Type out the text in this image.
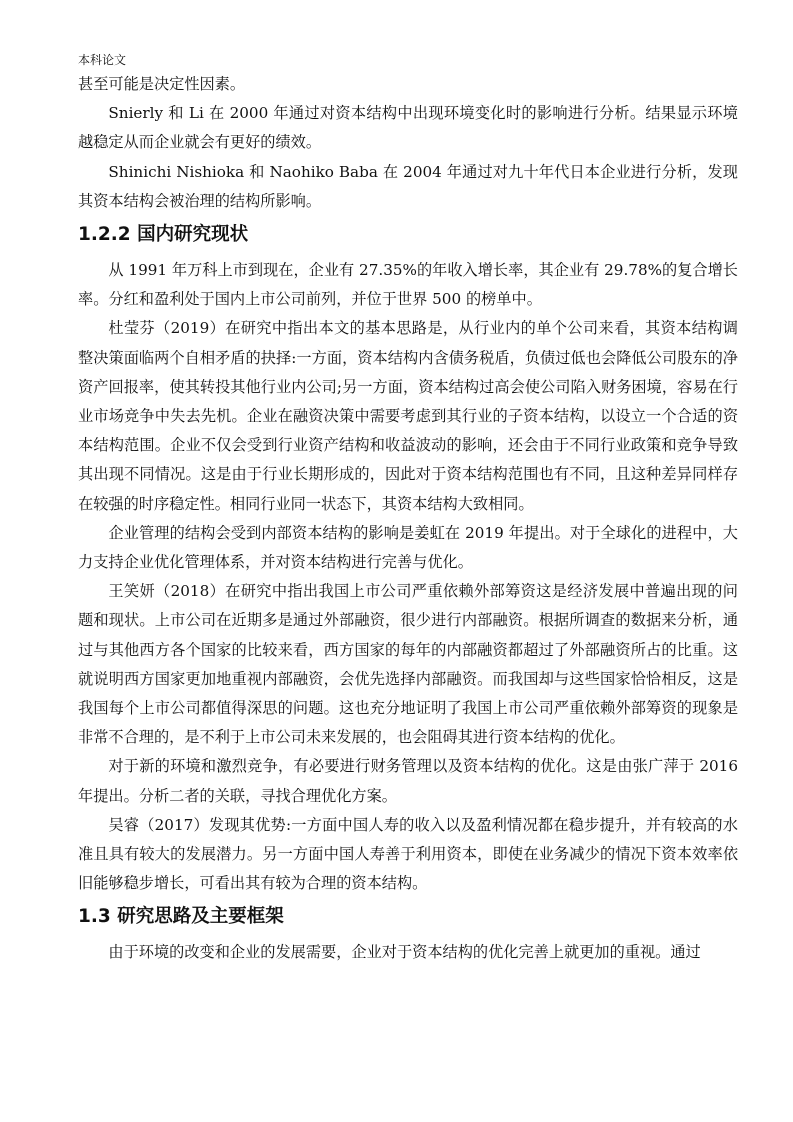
本科论文

甚至可能是决定性因素。

Snierly 和 Li 在 2000 年通过对资本结构中出现环境变化时的影响进行分析。结果显示环境越稳定从而企业就会有更好的绩效。

Shinichi Nishioka 和 Naohiko Baba 在 2004 年通过对九十年代日本企业进行分析，发现其资本结构会被治理的结构所影响。

1.2.2 国内研究现状

从 1991 年万科上市到现在，企业有 27.35%的年收入增长率，其企业有 29.78%的复合增长率。分红和盈利处于国内上市公司前列，并位于世界 500 的榜单中。

杜莹芬（2019）在研究中指出本文的基本思路是，从行业内的单个公司来看，其资本结构调整决策面临两个自相矛盾的抉择:一方面，资本结构内含债务税盾，负债过低也会降低公司股东的净资产回报率，使其转投其他行业内公司;另一方面，资本结构过高会使公司陷入财务困境，容易在行业市场竞争中失去先机。企业在融资决策中需要考虑到其行业的子资本结构，以设立一个合适的资本结构范围。企业不仅会受到行业资产结构和收益波动的影响，还会由于不同行业政策和竞争导致其出现不同情况。这是由于行业长期形成的，因此对于资本结构范围也有不同，且这种差异同样存在较强的时序稳定性。相同行业同一状态下，其资本结构大致相同。

企业管理的结构会受到内部资本结构的影响是姜虹在 2019 年提出。对于全球化的进程中，大力支持企业优化管理体系，并对资本结构进行完善与优化。

王笑妍（2018）在研究中指出我国上市公司严重依赖外部筹资这是经济发展中普遍出现的问题和现状。上市公司在近期多是通过外部融资，很少进行内部融资。根据所调查的数据来分析，通过与其他西方各个国家的比较来看，西方国家的每年的内部融资都超过了外部融资所占的比重。这就说明西方国家更加地重视内部融资，会优先选择内部融资。而我国却与这些国家恰恰相反，这是我国每个上市公司都值得深思的问题。这也充分地证明了我国上市公司严重依赖外部筹资的现象是非常不合理的，是不利于上市公司未来发展的，也会阻碍其进行资本结构的优化。

对于新的环境和激烈竞争，有必要进行财务管理以及资本结构的优化。这是由张广萍于 2016 年提出。分析二者的关联，寻找合理优化方案。

吴睿（2017）发现其优势:一方面中国人寿的收入以及盈利情况都在稳步提升，并有较高的水准且具有较大的发展潜力。另一方面中国人寿善于利用资本，即使在业务减少的情况下资本效率依旧能够稳步增长，可看出其有较为合理的资本结构。

1.3 研究思路及主要框架

由于环境的改变和企业的发展需要，企业对于资本结构的优化完善上就更加的重视。通过
